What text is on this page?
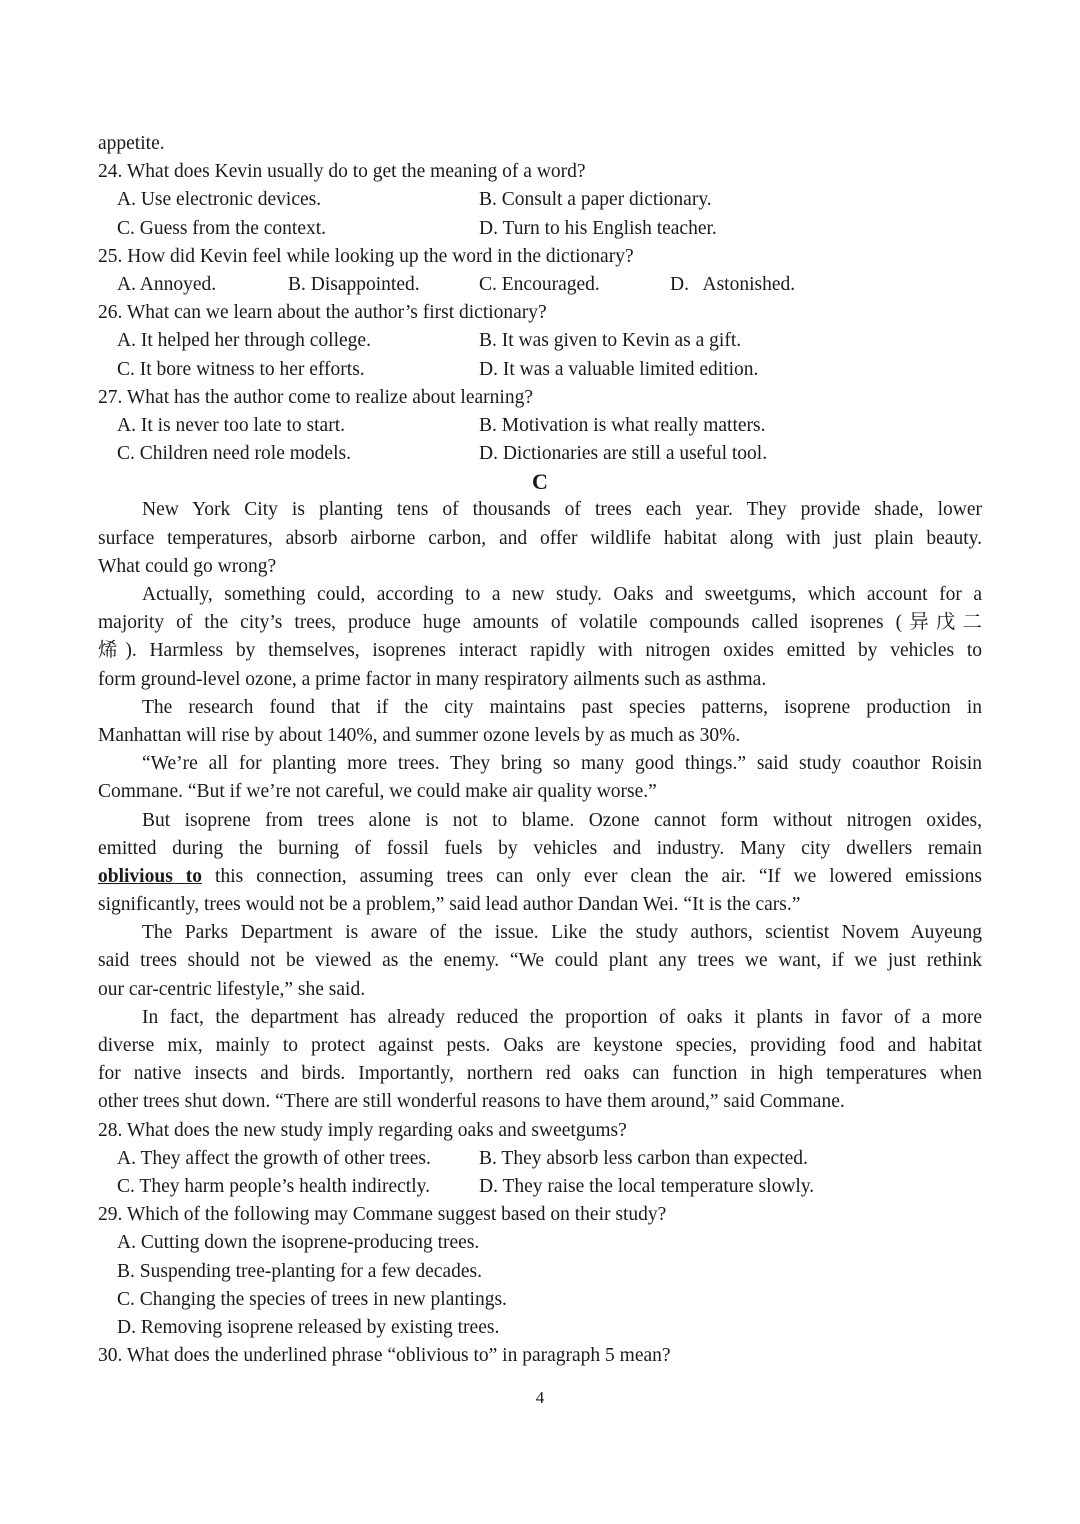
appetite.
24. What does Kevin usually do to get the meaning of a word?
A. Use electronic devices.	B. Consult a paper dictionary.
C. Guess from the context.	D. Turn to his English teacher.
25. How did Kevin feel while looking up the word in the dictionary?
A. Annoyed.	B. Disappointed.	C. Encouraged.	D.   Astonished.
26. What can we learn about the author’s first dictionary?
A. It helped her through college.	B. It was given to Kevin as a gift.
C. It bore witness to her efforts.	D. It was a valuable limited edition.
27. What has the author come to realize about learning?
A. It is never too late to start.	B. Motivation is what really matters.
C. Children need role models.	D. Dictionaries are still a useful tool.
C
New York City is planting tens of thousands of trees each year. They provide shade, lower
surface temperatures, absorb airborne carbon, and offer wildlife habitat along with just plain beauty.
What could go wrong?
Actually, something could, according to a new study. Oaks and sweetgums, which account for a
majority of the city’s trees, produce huge amounts of volatile compounds called isoprenes (异戊二
烯). Harmless by themselves, isoprenes interact rapidly with nitrogen oxides emitted by vehicles to
form ground-level ozone, a prime factor in many respiratory ailments such as asthma.
The research found that if the city maintains past species patterns, isoprene production in
Manhattan will rise by about 140%, and summer ozone levels by as much as 30%.
“We’re all for planting more trees. They bring so many good things.” said study coauthor Roisin
Commane. “But if we’re not careful, we could make air quality worse.”
But isoprene from trees alone is not to blame. Ozone cannot form without nitrogen oxides,
emitted during the burning of fossil fuels by vehicles and industry. Many city dwellers remain
oblivious to this connection, assuming trees can only ever clean the air. “If we lowered emissions
significantly, trees would not be a problem,” said lead author Dandan Wei. “It is the cars.”
The Parks Department is aware of the issue. Like the study authors, scientist Novem Auyeung
said trees should not be viewed as the enemy. “We could plant any trees we want, if we just rethink
our car-centric lifestyle,” she said.
In fact, the department has already reduced the proportion of oaks it plants in favor of a more
diverse mix, mainly to protect against pests. Oaks are keystone species, providing food and habitat
for native insects and birds. Importantly, northern red oaks can function in high temperatures when
other trees shut down. “There are still wonderful reasons to have them around,” said Commane.
28. What does the new study imply regarding oaks and sweetgums?
A. They affect the growth of other trees. B. They absorb less carbon than expected.
C. They harm people’s health indirectly.	D. They raise the local temperature slowly.
29. Which of the following may Commane suggest based on their study?
A. Cutting down the isoprene-producing trees.
B. Suspending tree-planting for a few decades.
C. Changing the species of trees in new plantings.
D. Removing isoprene released by existing trees.
30. What does the underlined phrase “oblivious to” in paragraph 5 mean?
4
